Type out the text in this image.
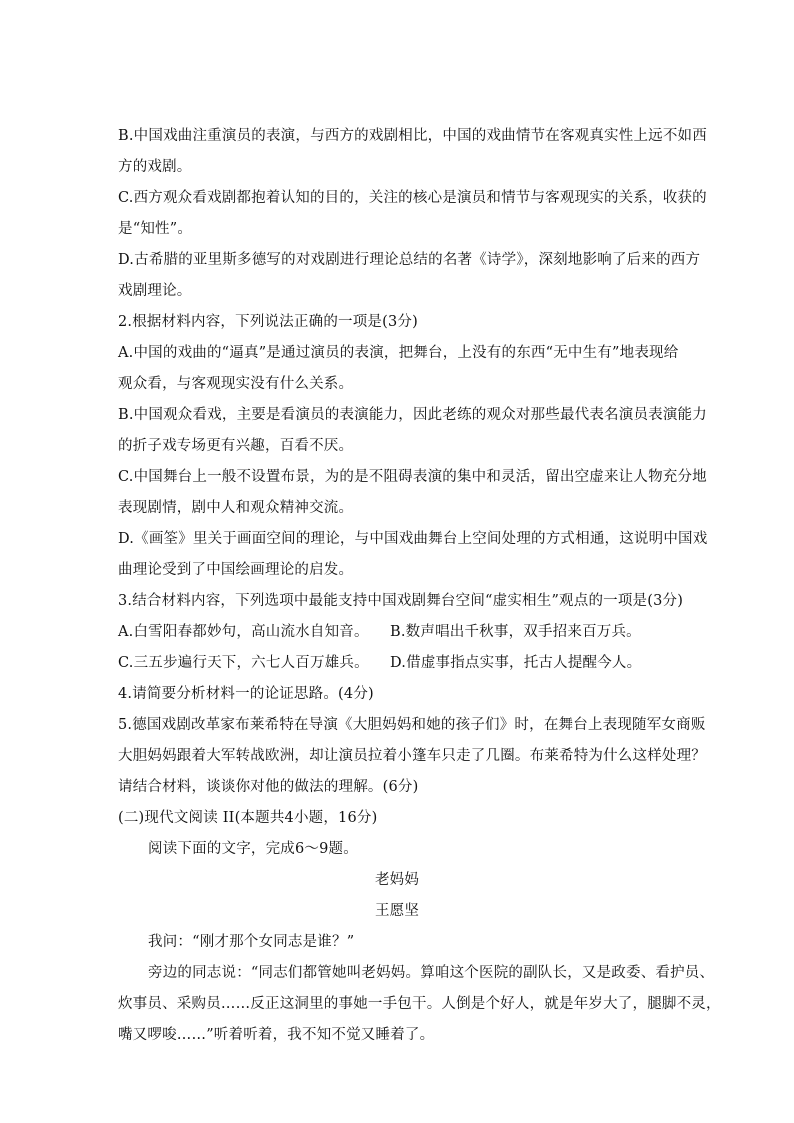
B.中国戏曲注重演员的表演，与西方的戏剧相比，中国的戏曲情节在客观真实性上远不如西
方的戏剧。
C.西方观众看戏剧都抱着认知的目的，关注的核心是演员和情节与客观现实的关系，收获的
是“知性”。
D.古希腊的亚里斯多德写的对戏剧进行理论总结的名著《诗学》，深刻地影响了后来的西方
戏剧理论。
2.根据材料内容，下列说法正确的一项是(3分)
A.中国的戏曲的“逼真”是通过演员的表演，把舞台，上没有的东西“无中生有”地表现给
观众看，与客观现实没有什么关系。
B.中国观众看戏，主要是看演员的表演能力，因此老练的观众对那些最代表名演员表演能力
的折子戏专场更有兴趣，百看不厌。
C.中国舞台上一般不设置布景，为的是不阻碍表演的集中和灵活，留出空虚来让人物充分地
表现剧情，剧中人和观众精神交流。
D.《画筌》里关于画面空间的理论，与中国戏曲舞台上空间处理的方式相通，这说明中国戏
曲理论受到了中国绘画理论的启发。
3.结合材料内容，下列选项中最能支持中国戏剧舞台空间“虚实相生”观点的一项是(3分)
A.白雪阳春都妙句，高山流水自知音。 B.数声唱出千秋事，双手招来百万兵。
C.三五步遍行天下，六七人百万雄兵。 D.借虚事指点实事，托古人提醒今人。
4.请简要分析材料一的论证思路。(4分)
5.德国戏剧改革家布莱希特在导演《大胆妈妈和她的孩子们》时，在舞台上表现随军女商贩
大胆妈妈跟着大军转战欧洲，却让演员拉着小篷车只走了几圈。布莱希特为什么这样处理？
请结合材料，谈谈你对他的做法的理解。(6分)
(二)现代文阅读 II(本题共4小题，16分)
阅读下面的文字，完成6～9题。
老妈妈
王愿坚
我问：“刚才那个女同志是谁？”
旁边的同志说：“同志们都管她叫老妈妈。算咱这个医院的副队长，又是政委、看护员、
炊事员、采购员……反正这洞里的事她一手包干。人倒是个好人，就是年岁大了，腿脚不灵，
嘴又啰唆……”听着听着，我不知不觉又睡着了。
